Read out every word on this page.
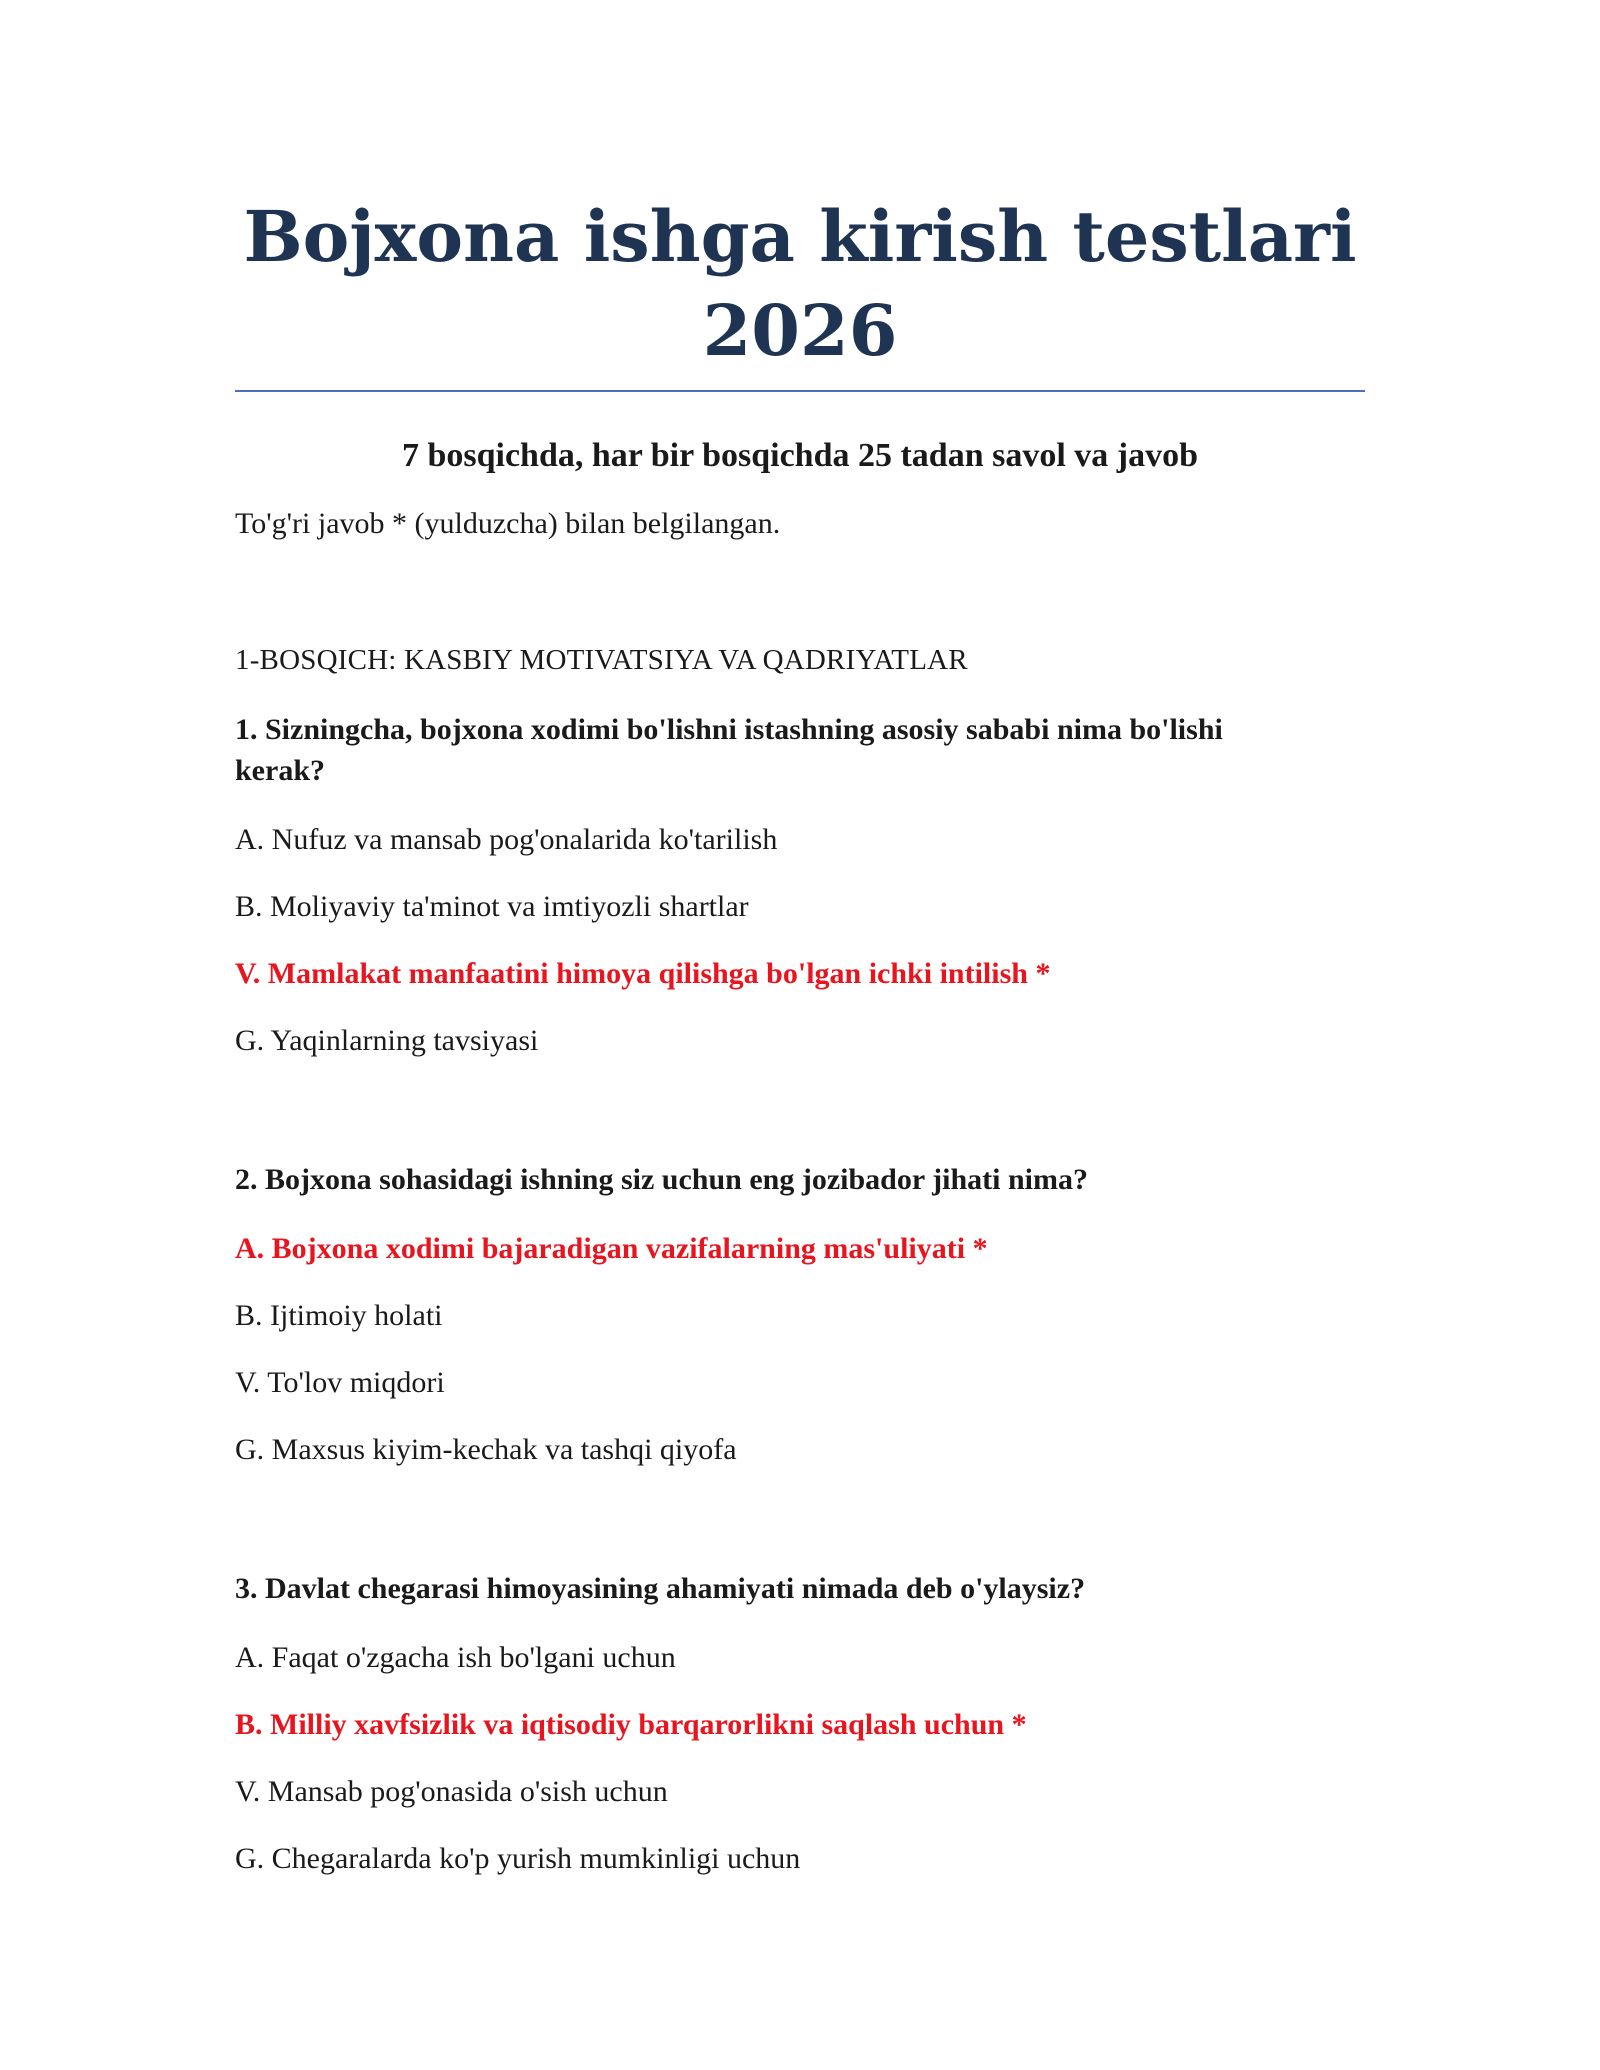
Bojxona ishga kirish testlari 2026

7 bosqichda, har bir bosqichda 25 tadan savol va javob

To'g'ri javob * (yulduzcha) bilan belgilangan.

1-BOSQICH: KASBIY MOTIVATSIYA VA QADRIYATLAR

1. Sizningcha, bojxona xodimi bo'lishni istashning asosiy sababi nima bo'lishi kerak?

A. Nufuz va mansab pog'onalarida ko'tarilish

B. Moliyaviy ta'minot va imtiyozli shartlar

V. Mamlakat manfaatini himoya qilishga bo'lgan ichki intilish *

G. Yaqinlarning tavsiyasi

2. Bojxona sohasidagi ishning siz uchun eng jozibador jihati nima?

A. Bojxona xodimi bajaradigan vazifalarning mas'uliyati *

B. Ijtimoiy holati

V. To'lov miqdori

G. Maxsus kiyim-kechak va tashqi qiyofa

3. Davlat chegarasi himoyasining ahamiyati nimada deb o'ylaysiz?

A. Faqat o'zgacha ish bo'lgani uchun

B. Milliy xavfsizlik va iqtisodiy barqarorlikni saqlash uchun *

V. Mansab pog'onasida o'sish uchun

G. Chegaralarda ko'p yurish mumkinligi uchun
